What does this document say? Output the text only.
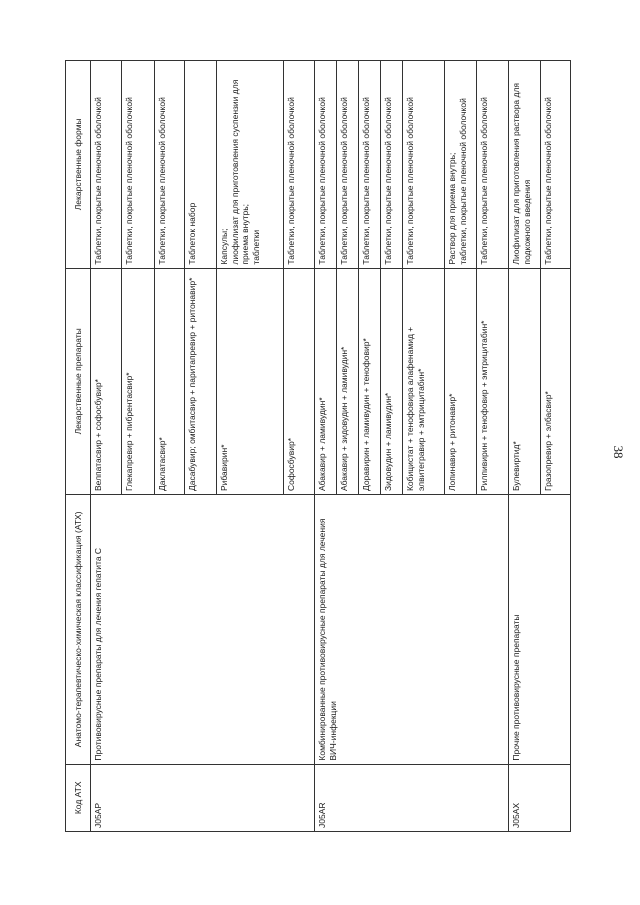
38
Код АТХ	Анатомо-терапевтическо-химическая классификация (АТХ)	Лекарственные препараты	Лекарственные формы
J05AP	Противовирусные препараты для лечения гепатита С	Велпатасвир + софосбувир*	Таблетки, покрытые пленочной оболочкой
		Глекапревир + пибрентасвир*	Таблетки, покрытые пленочной оболочкой
		Даклатасвир*	Таблетки, покрытые пленочной оболочкой
		Дасабувир; омбитасвир + паритапревир + ритонавир*	Таблеток набор
		Рибавирин*	Капсулы; лиофилизат для приготовления суспензии для приема внутрь; таблетки

		Софосбувир*	Таблетки, покрытые пленочной оболочкой
J05AR	Комбинированные противовирусные препараты для лечения ВИЧ-инфекции	Абакавир + ламивудин*	Таблетки, покрытые пленочной оболочкой
		Абакавир + зидовудин + ламивудин*	Таблетки, покрытые пленочной оболочкой
		Доравирин + ламивудин + тенофовир*	Таблетки, покрытые пленочной оболочкой
		Зидовудин + ламивудин*	Таблетки, покрытые пленочной оболочкой
		Кобицистат + тенофовира алафенамид + элвитегравир + эмтрицитабин*	Таблетки, покрытые пленочной оболочкой
		Лопинавир + ритонавир*	Раствор для приема внутрь; таблетки, покрытые пленочной оболочкой

		Рилпивирин + тенофовир + эмтрицитабин*	Таблетки, покрытые пленочной оболочкой
J05AX	Прочие противовирусные препараты	Булевиртид*	Лиофилизат для приготовления раствора для подкожного введения
		Гразопревир + элбасвир*	Таблетки, покрытые пленочной оболочкой
